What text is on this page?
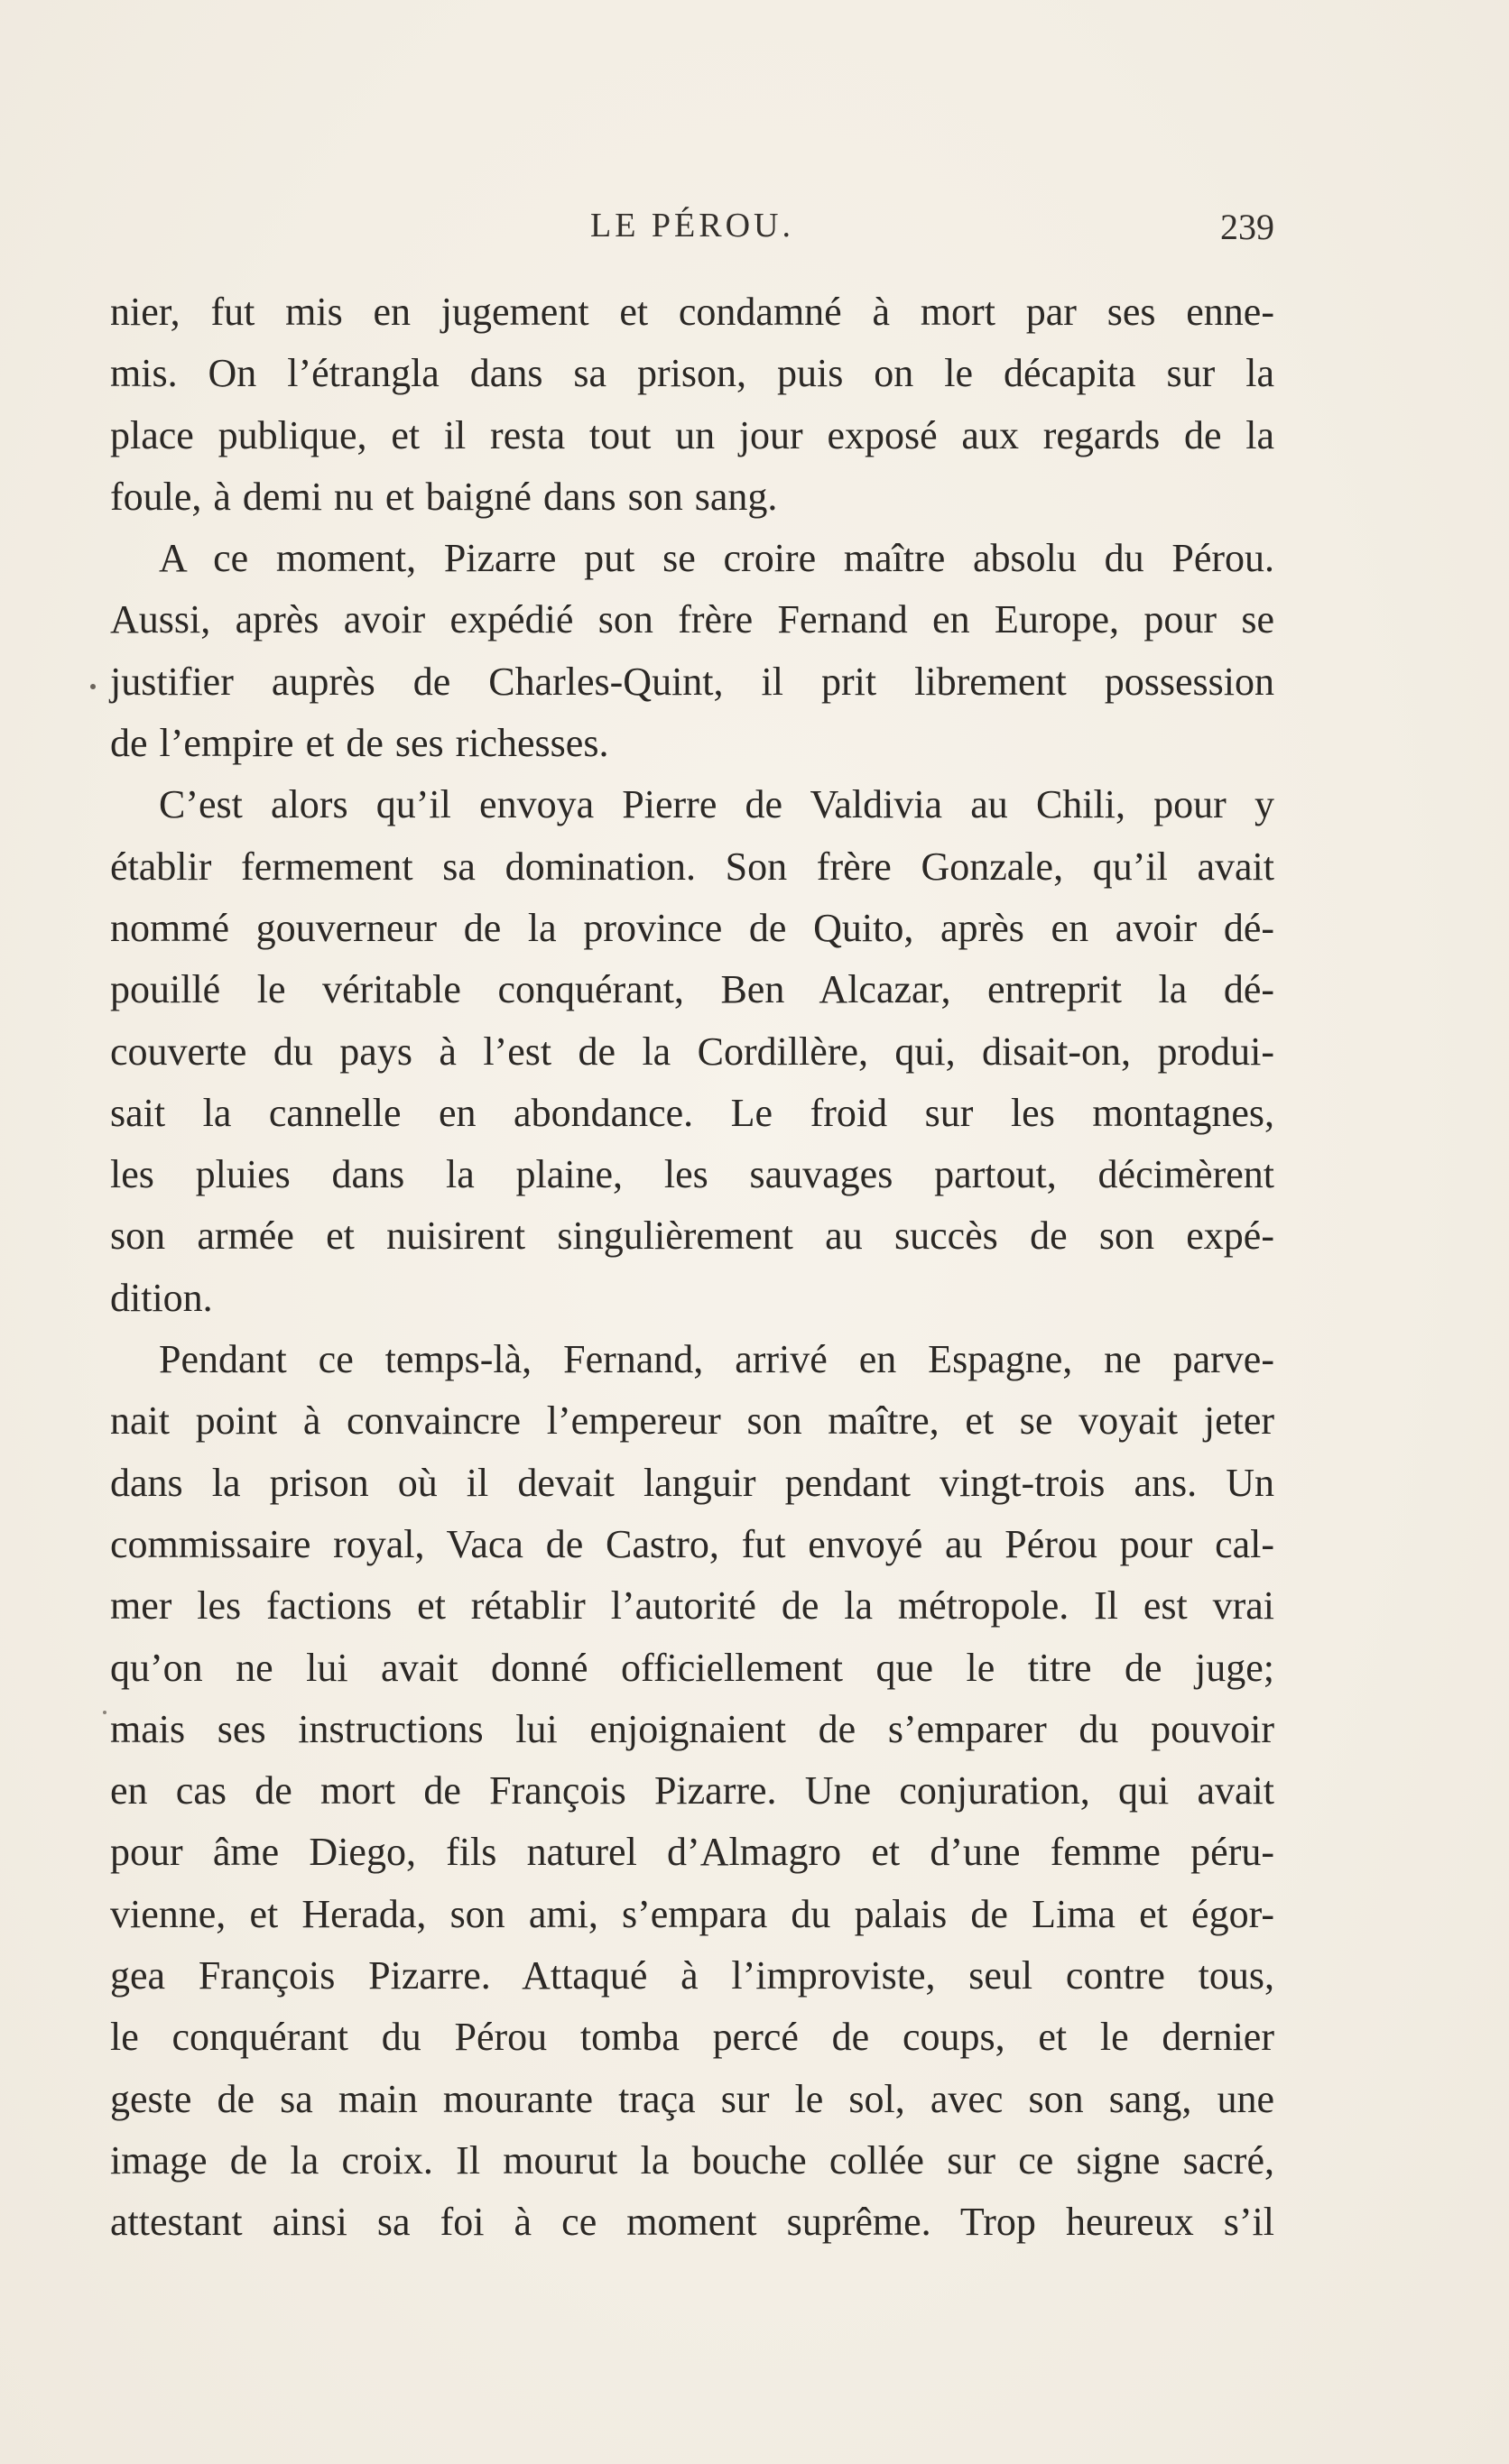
LE PÉROU.	239
nier, fut mis en jugement et condamné à mort par ses enne-
mis. On l’étrangla dans sa prison, puis on le décapita sur la
place publique, et il resta tout un jour exposé aux regards de la
foule, à demi nu et baigné dans son sang.
A ce moment, Pizarre put se croire maître absolu du Pérou.
Aussi, après avoir expédié son frère Fernand en Europe, pour se
justifier auprès de Charles-Quint, il prit librement possession
de l’empire et de ses richesses.
C’est alors qu’il envoya Pierre de Valdivia au Chili, pour y
établir fermement sa domination. Son frère Gonzale, qu’il avait
nommé gouverneur de la province de Quito, après en avoir dé-
pouillé le véritable conquérant, Ben Alcazar, entreprit la dé-
couverte du pays à l’est de la Cordillère, qui, disait-on, produi-
sait la cannelle en abondance. Le froid sur les montagnes,
les pluies dans la plaine, les sauvages partout, décimèrent
son armée et nuisirent singulièrement au succès de son expé-
dition.
Pendant ce temps-là, Fernand, arrivé en Espagne, ne parve-
nait point à convaincre l’empereur son maître, et se voyait jeter
dans la prison où il devait languir pendant vingt-trois ans. Un
commissaire royal, Vaca de Castro, fut envoyé au Pérou pour cal-
mer les factions et rétablir l’autorité de la métropole. Il est vrai
qu’on ne lui avait donné officiellement que le titre de juge;
mais ses instructions lui enjoignaient de s’emparer du pouvoir
en cas de mort de François Pizarre. Une conjuration, qui avait
pour âme Diego, fils naturel d’Almagro et d’une femme péru-
vienne, et Herada, son ami, s’empara du palais de Lima et égor-
gea François Pizarre. Attaqué à l’improviste, seul contre tous,
le conquérant du Pérou tomba percé de coups, et le dernier
geste de sa main mourante traça sur le sol, avec son sang, une
image de la croix. Il mourut la bouche collée sur ce signe sacré,
attestant ainsi sa foi à ce moment suprême. Trop heureux s’il
